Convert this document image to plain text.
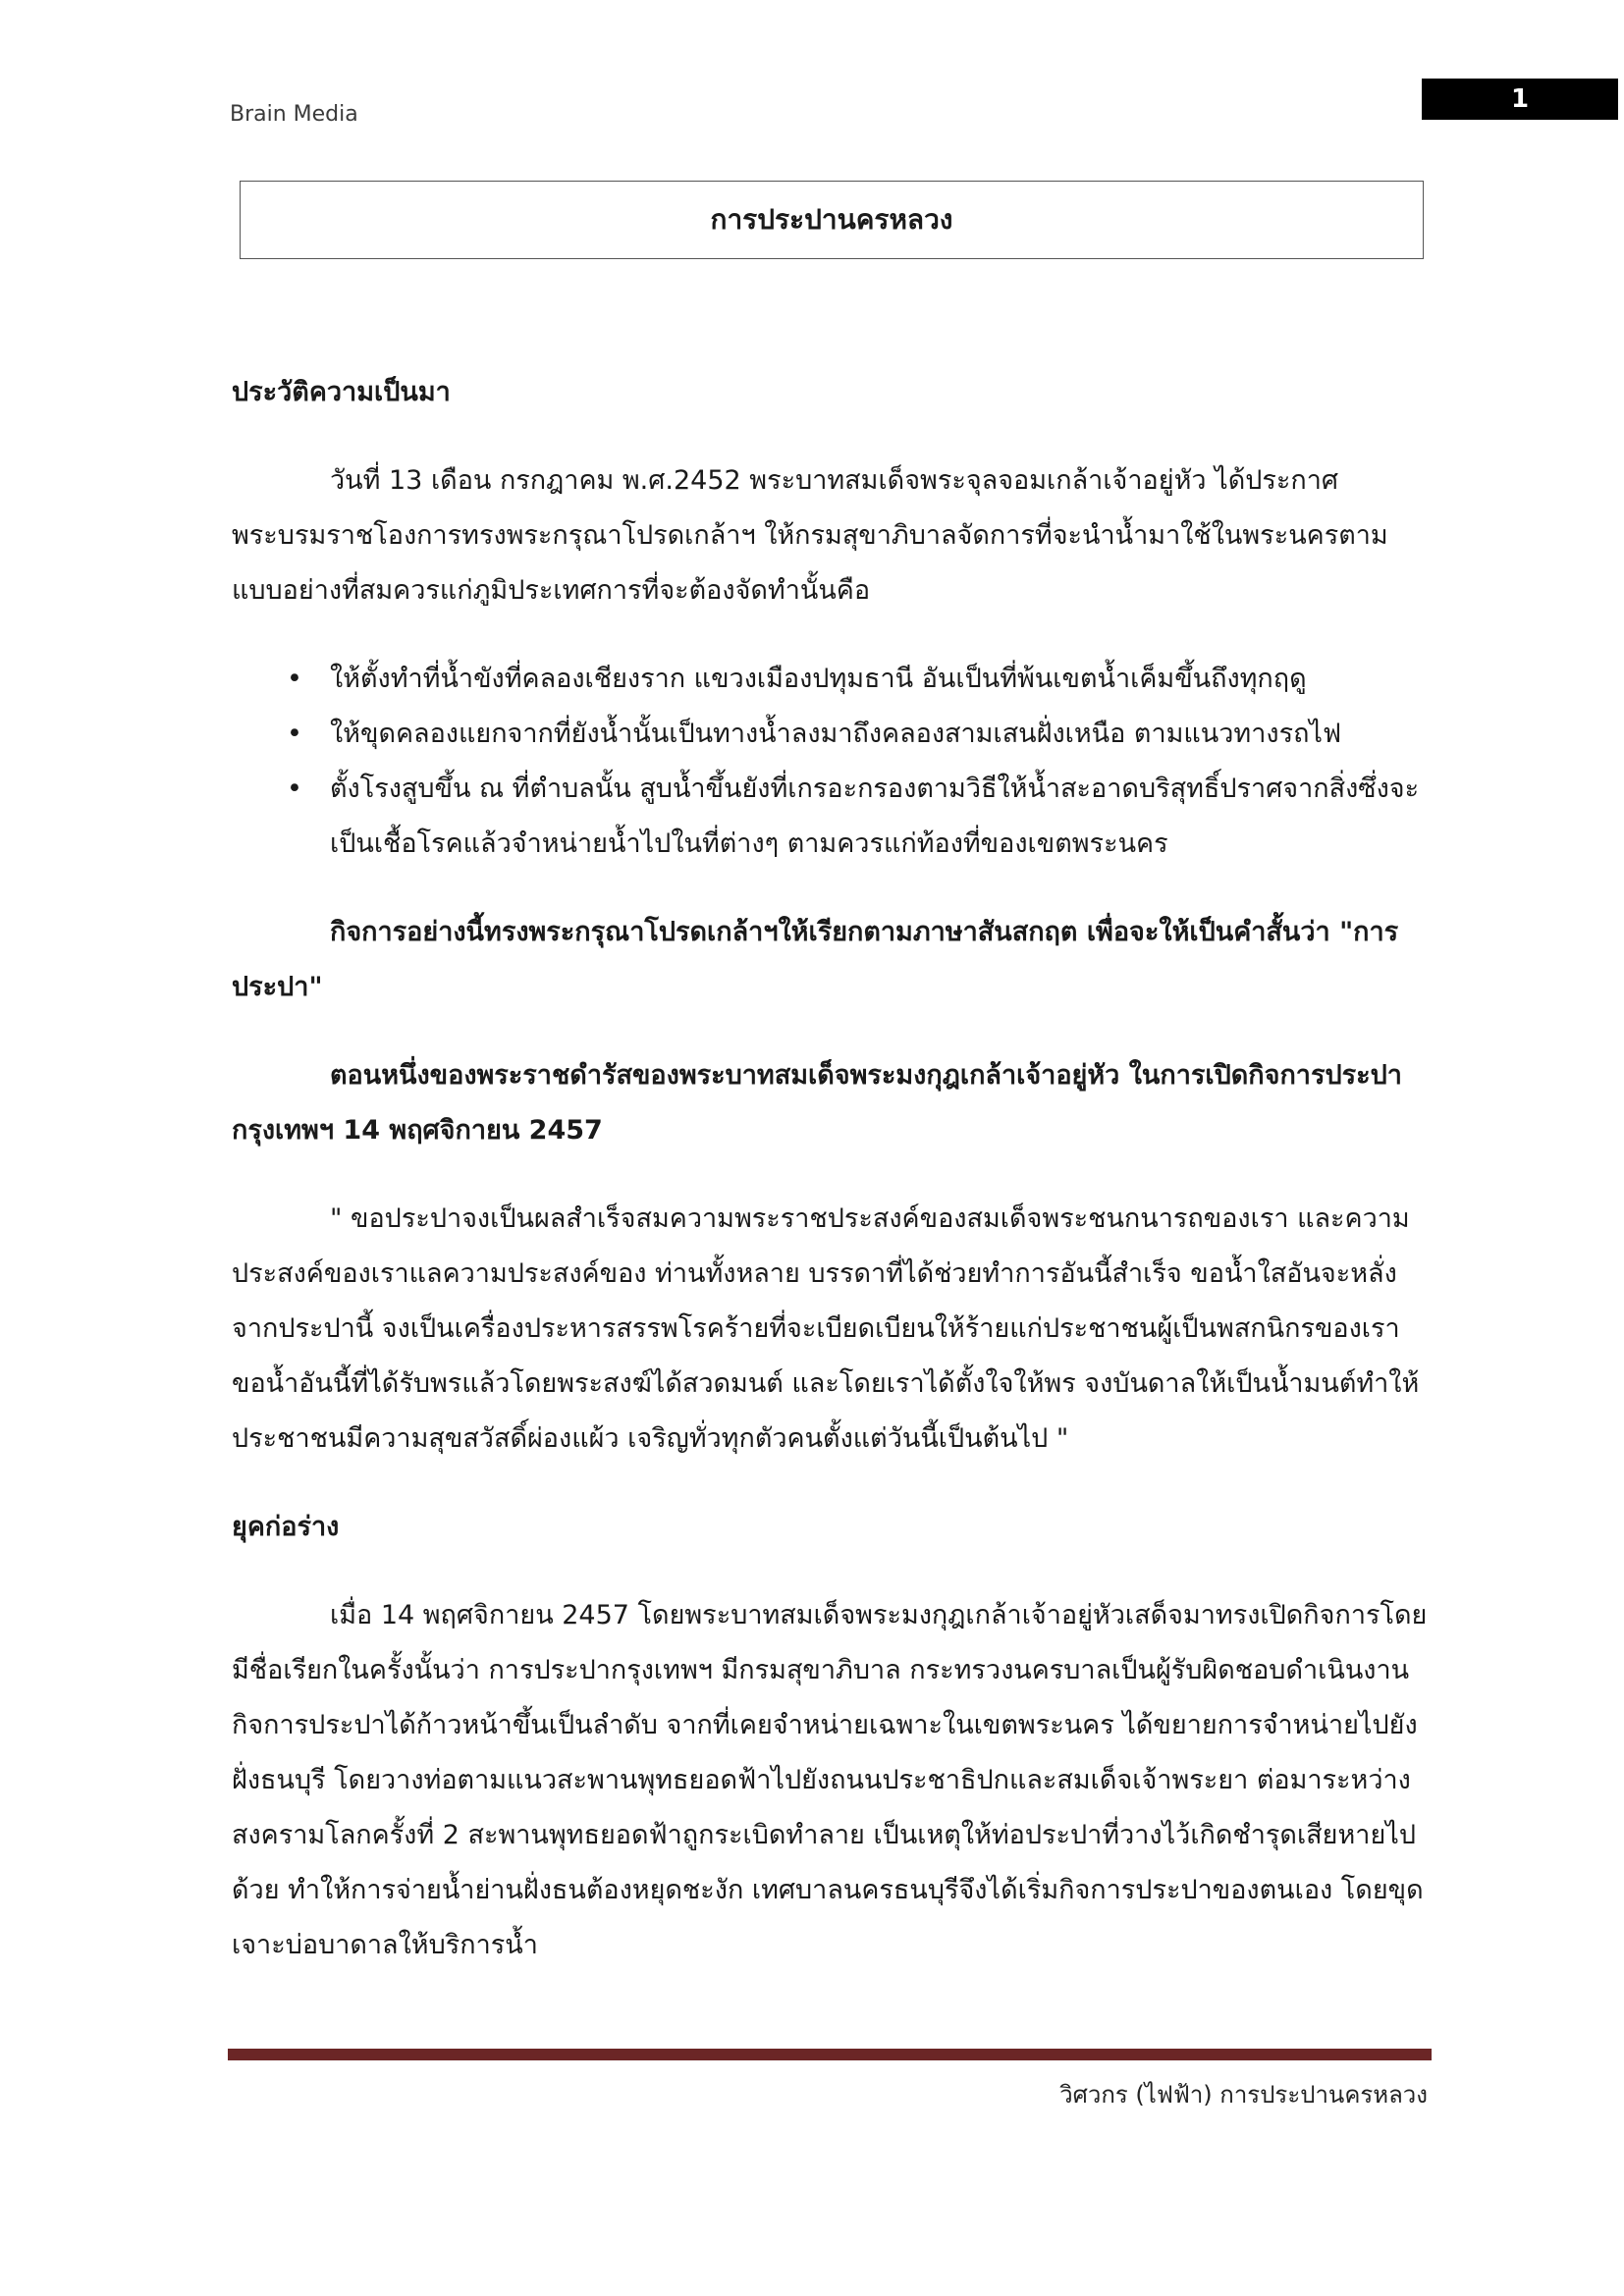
Brain Media
1
การประปานครหลวง
ประวัติความเป็นมา

วันที่ 13 เดือน กรกฎาคม พ.ศ.2452 พระบาทสมเด็จพระจุลจอมเกล้าเจ้าอยู่หัว ได้ประกาศพระบรมราชโองการทรงพระกรุณาโปรดเกล้าฯ ให้กรมสุขาภิบาลจัดการที่จะนำน้ำมาใช้ในพระนครตามแบบอย่างที่สมควรแก่ภูมิประเทศการที่จะต้องจัดทำนั้นคือ

• ให้ตั้งทำที่น้ำขังที่คลองเชียงราก แขวงเมืองปทุมธานี อันเป็นที่พ้นเขตน้ำเค็มขึ้นถึงทุกฤดู
• ให้ขุดคลองแยกจากที่ยังน้ำนั้นเป็นทางน้ำลงมาถึงคลองสามเสนฝั่งเหนือ ตามแนวทางรถไฟ
• ตั้งโรงสูบขึ้น ณ ที่ตำบลนั้น สูบน้ำขึ้นยังที่เกรอะกรองตามวิธีให้น้ำสะอาดบริสุทธิ์ปราศจากสิ่งซึ่งจะเป็นเชื้อโรคแล้วจำหน่ายน้ำไปในที่ต่างๆ ตามควรแก่ท้องที่ของเขตพระนคร

กิจการอย่างนี้ทรงพระกรุณาโปรดเกล้าฯให้เรียกตามภาษาสันสกฤต เพื่อจะให้เป็นคำสั้นว่า "การประปา"

ตอนหนึ่งของพระราชดำรัสของพระบาทสมเด็จพระมงกุฎเกล้าเจ้าอยู่หัว ในการเปิดกิจการประปากรุงเทพฯ 14 พฤศจิกายน 2457

" ขอประปาจงเป็นผลสำเร็จสมความพระราชประสงค์ของสมเด็จพระชนกนารถของเรา และความประสงค์ของเราแลความประสงค์ของ ท่านทั้งหลาย บรรดาที่ได้ช่วยทำการอันนี้สำเร็จ ขอน้ำใสอันจะหลั่งจากประปานี้ จงเป็นเครื่องประหารสรรพโรคร้ายที่จะเบียดเบียนให้ร้ายแก่ประชาชนผู้เป็นพสกนิกรของเรา ขอน้ำอันนี้ที่ได้รับพรแล้วโดยพระสงฆ์ได้สวดมนต์ และโดยเราได้ตั้งใจให้พร จงบันดาลให้เป็นน้ำมนต์ทำให้ประชาชนมีความสุขสวัสดิ์ผ่องแผ้ว เจริญทั่วทุกตัวคนตั้งแต่วันนี้เป็นต้นไป "

ยุคก่อร่าง

เมื่อ 14 พฤศจิกายน 2457 โดยพระบาทสมเด็จพระมงกุฎเกล้าเจ้าอยู่หัวเสด็จมาทรงเปิดกิจการโดยมีชื่อเรียกในครั้งนั้นว่า การประปากรุงเทพฯ มีกรมสุขาภิบาล กระทรวงนครบาลเป็นผู้รับผิดชอบดำเนินงาน กิจการประปาได้ก้าวหน้าขึ้นเป็นลำดับ จากที่เคยจำหน่ายเฉพาะในเขตพระนคร ได้ขยายการจำหน่ายไปยังฝั่งธนบุรี โดยวางท่อตามแนวสะพานพุทธยอดฟ้าไปยังถนนประชาธิปกและสมเด็จเจ้าพระยา ต่อมาระหว่างสงครามโลกครั้งที่ 2 สะพานพุทธยอดฟ้าถูกระเบิดทำลาย เป็นเหตุให้ท่อประปาที่วางไว้เกิดชำรุดเสียหายไปด้วย ทำให้การจ่ายน้ำย่านฝั่งธนต้องหยุดชะงัก เทศบาลนครธนบุรีจึงได้เริ่มกิจการประปาของตนเอง โดยขุดเจาะบ่อบาดาลให้บริการน้ำ

วิศวกร (ไฟฟ้า) การประปานครหลวง
